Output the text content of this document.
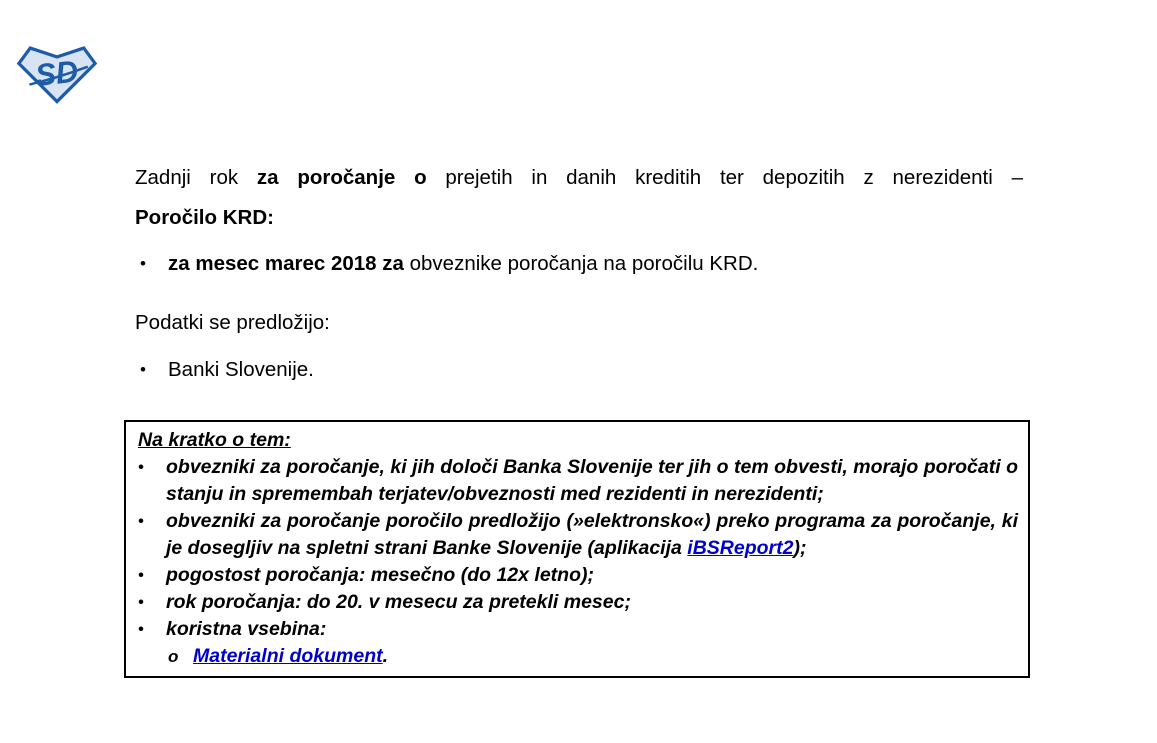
SD
Zadnji rok za poročanje o prejetih in danih kreditih ter depozitih z nerezidenti –
Poročilo KRD:
•	za mesec marec 2018 za obveznike poročanja na poročilu KRD.
Podatki se predložijo:
•	Banki Slovenije.
Na kratko o tem:
•	obvezniki za poročanje, ki jih določi Banka Slovenije ter jih o tem obvesti, morajo poročati o stanju in spremembah terjatev/obveznosti med rezidenti in nerezidenti;
•	obvezniki za poročanje poročilo predložijo (»elektronsko«) preko programa za poročanje, ki je dosegljiv na spletni strani Banke Slovenije (aplikacija iBSReport2);
•	pogostost poročanja: mesečno (do 12x letno);
•	rok poročanja: do 20. v mesecu za pretekli mesec;
•	koristna vsebina:
o Materialni dokument.
